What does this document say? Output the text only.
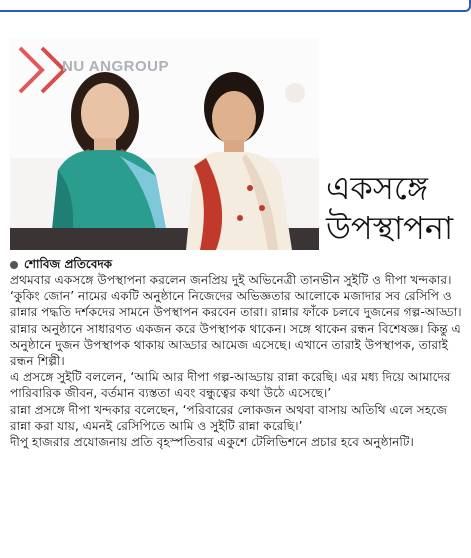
NU ANGROUP
একসঙ্গে
উপস্থাপনা
শোবিজ প্রতিবেদক

প্রথমবার একসঙ্গে উপস্থাপনা করলেন জনপ্রিয় দুই অভিনেত্রী তানভীন সুইটি ও দীপা খন্দকার। ‘কুকিং জোন’ নামের একটি অনুষ্ঠানে নিজেদের অভিজ্ঞতার আলোকে মজাদার সব রেসিপি ও রান্নার পদ্ধতি দর্শকদের সামনে উপস্থাপন করবেন তারা। রান্নার ফাঁকে চলবে দুজনের গল্প-আড্ডা। রান্নার অনুষ্ঠানে সাধারণত একজন করে উপস্থাপক থাকেন। সঙ্গে থাকেন রন্ধন বিশেষজ্ঞ। কিন্তু এ অনুষ্ঠানে দুজন উপস্থাপক থাকায় আড্ডার আমেজ এসেছে। এখানে তারাই উপস্থাপক, তারাই রন্ধন শিল্পী।

এ প্রসঙ্গে সুইটি বললেন, ‘আমি আর দীপা গল্প-আড্ডায় রান্না করেছি। এর মধ্য দিয়ে আমাদের পারিবারিক জীবন, বর্তমান ব্যস্ততা এবং বন্ধুত্বের কথা উঠে এসেছে।’

রান্না প্রসঙ্গে দীপা খন্দকার বলেছেন, ‘পরিবারের লোকজন অথবা বাসায় অতিথি এলে সহজে রান্না করা যায়, এমনই রেসিপিতে আমি ও সুইটি রান্না করেছি।’

দীপু হাজরার প্রযোজনায় প্রতি বৃহস্পতিবার একুশে টেলিভিশনে প্রচার হবে অনুষ্ঠানটি।
